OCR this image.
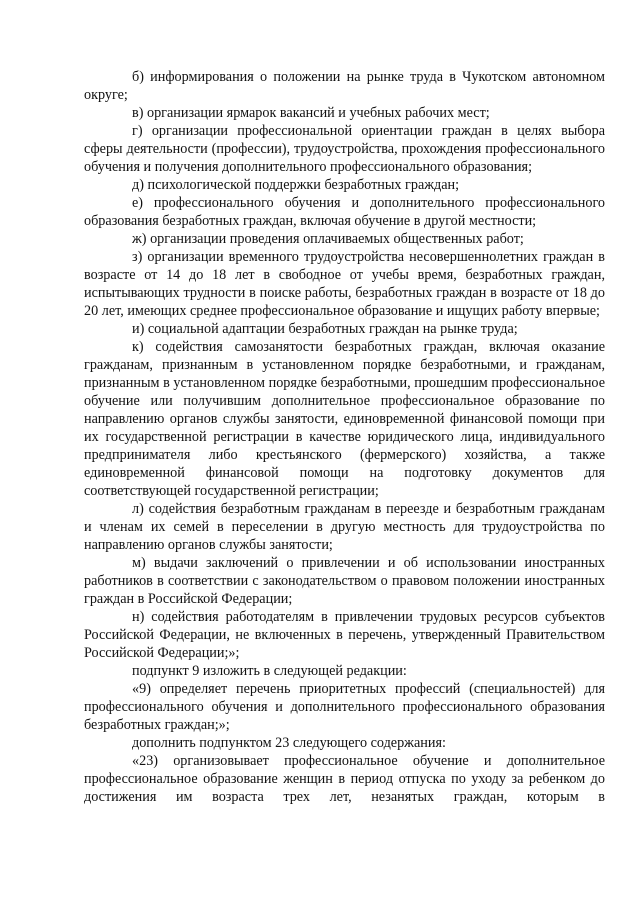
б) информирования о положении на рынке труда в Чукотском автономном округе;

в) организации ярмарок вакансий и учебных рабочих мест;

г) организации профессиональной ориентации граждан в целях выбора сферы деятельности (профессии), трудоустройства, прохождения профессионального обучения и получения дополнительного профессионального образования;

д) психологической поддержки безработных граждан;

е) профессионального обучения и дополнительного профессионального образования безработных граждан, включая обучение в другой местности;

ж) организации проведения оплачиваемых общественных работ;

з) организации временного трудоустройства несовершеннолетних граждан в возрасте от 14 до 18 лет в свободное от учебы время, безработных граждан, испытывающих трудности в поиске работы, безработных граждан в возрасте от 18 до 20 лет, имеющих среднее профессиональное образование и ищущих работу впервые;

и) социальной адаптации безработных граждан на рынке труда;

к) содействия самозанятости безработных граждан, включая оказание гражданам, признанным в установленном порядке безработными, и гражданам, признанным в установленном порядке безработными, прошедшим профессиональное обучение или получившим дополнительное профессиональное образование по направлению органов службы занятости, единовременной финансовой помощи при их государственной регистрации в качестве юридического лица, индивидуального предпринимателя либо крестьянского (фермерского) хозяйства, а также единовременной финансовой помощи на подготовку документов для соответствующей государственной регистрации;

л) содействия безработным гражданам в переезде и безработным гражданам и членам их семей в переселении в другую местность для трудоустройства по направлению органов службы занятости;

м) выдачи заключений о привлечении и об использовании иностранных работников в соответствии с законодательством о правовом положении иностранных граждан в Российской Федерации;

н) содействия работодателям в привлечении трудовых ресурсов субъектов Российской Федерации, не включенных в перечень, утвержденный Правительством Российской Федерации;»;

подпункт 9 изложить в следующей редакции:

«9) определяет перечень приоритетных профессий (специальностей) для профессионального обучения и дополнительного профессионального образования безработных граждан;»;

дополнить подпунктом 23 следующего содержания:

«23) организовывает профессиональное обучение и дополнительное профессиональное образование женщин в период отпуска по уходу за ребенком до достижения им возраста трех лет, незанятых граждан, которым в
